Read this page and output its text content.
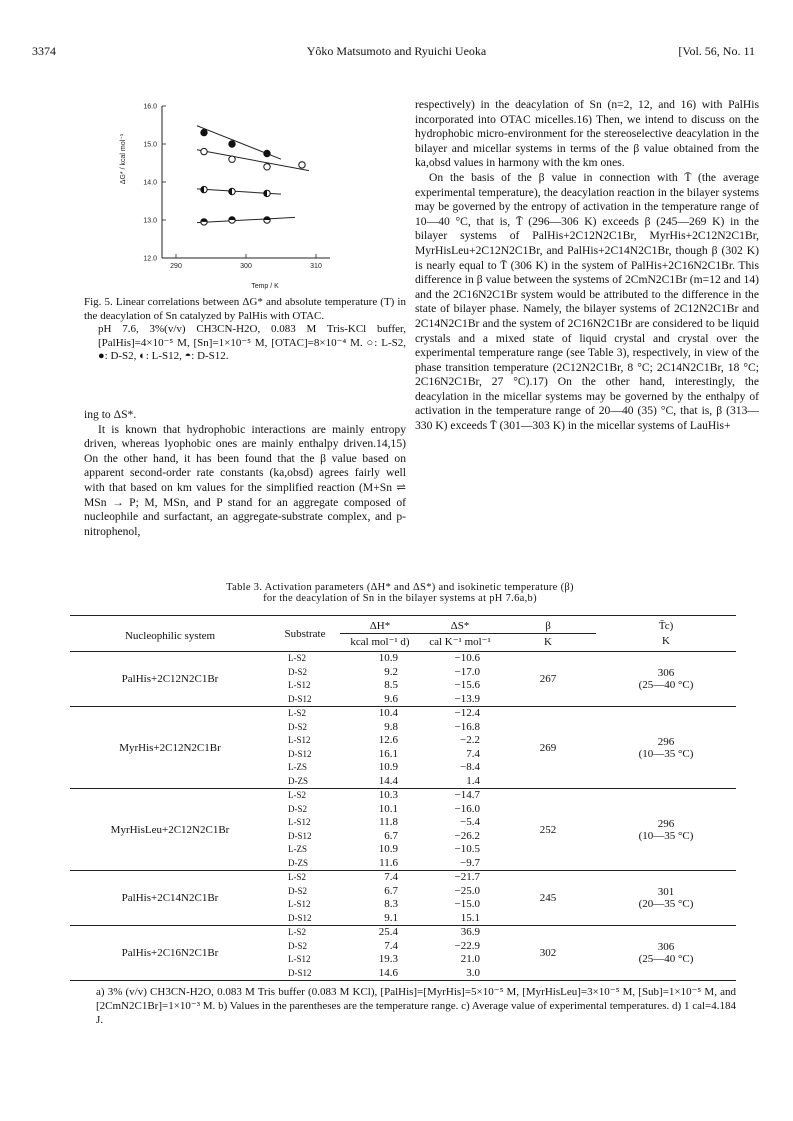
3374	Yôko Matsumoto and Ryuichi Ueoka	[Vol. 56, No. 11
16.0
15.0
14.0
13.0
12.0
290	300	310
ΔG* / kcal mol⁻¹
Temp / K

Fig. 5. Linear correlations between ΔG* and absolute temperature (T) in the deacylation of Sn catalyzed by PalHis with OTAC.

pH 7.6, 3%(v/v) CH3CN-H2O, 0.083 M Tris-KCl buffer, [PalHis]=4×10⁻⁵ M, [Sn]=1×10⁻⁵ M, [OTAC]=8×10⁻⁴ M. ○: L-S2, ●: D-S2, ◐: L-S12, ◓: D-S12.

ing to ΔS*.

It is known that hydrophobic interactions are mainly entropy driven, whereas lyophobic ones are mainly enthalpy driven.14,15) On the other hand, it has been found that the β value based on apparent second-order rate constants (ka,obsd) agrees fairly well with that based on km values for the simplified reaction (M+Sn ⇌ MSn → P; M, MSn, and P stand for an aggregate composed of nucleophile and surfactant, an aggregate-substrate complex, and p-nitrophenol,

respectively) in the deacylation of Sn (n=2, 12, and 16) with PalHis incorporated into OTAC micelles.16) Then, we intend to discuss on the hydrophobic micro-environment for the stereoselective deacylation in the bilayer and micellar systems in terms of the β value obtained from the ka,obsd values in harmony with the km ones.

On the basis of the β value in connection with T̄ (the average experimental temperature), the deacylation reaction in the bilayer systems may be governed by the entropy of activation in the temperature range of 10—40 °C, that is, T̄ (296—306 K) exceeds β (245—269 K) in the bilayer systems of PalHis+2C12N2C1Br, MyrHis+2C12N2C1Br, MyrHisLeu+2C12N2C1Br, and PalHis+2C14N2C1Br, though β (302 K) is nearly equal to T̄ (306 K) in the system of PalHis+2C16N2C1Br. This difference in β value between the systems of 2CmN2C1Br (m=12 and 14) and the 2C16N2C1Br system would be attributed to the difference in the state of bilayer phase. Namely, the bilayer systems of 2C12N2C1Br and 2C14N2C1Br and the system of 2C16N2C1Br are considered to be liquid crystals and a mixed state of liquid crystal and crystal over the experimental temperature range (see Table 3), respectively, in view of the phase transition temperature (2C12N2C1Br, 8 °C; 2C14N2C1Br, 18 °C; 2C16N2C1Br, 27 °C).17) On the other hand, interestingly, the deacylation in the micellar systems may be governed by the enthalpy of activation in the temperature range of 20—40 (35) °C, that is, β (313—330 K) exceeds T̄ (301—303 K) in the micellar systems of LauHis+

Table 3. Activation parameters (ΔH* and ΔS*) and isokinetic temperature (β)
for the deacylation of Sn in the bilayer systems at pH 7.6a,b)
Nucleophilic system	Substrate	ΔH*	ΔS*	β	T̄c)
		kcal mol⁻¹ d)	cal K⁻¹ mol⁻¹	K	K
PalHis+2C12N2C1Br	L-S2	10.9	−10.6	267	306
(25—40 °C)

	D-S2	9.2	−17.0		
	L-S12	8.5	−15.6		
	D-S12	9.6	−13.9		
MyrHis+2C12N2C1Br	L-S2	10.4	−12.4	269	296
(10—35 °C)

	D-S2	9.8	−16.8		
	L-S12	12.6	−2.2		
	D-S12	16.1	7.4		
	L-ZS	10.9	−8.4		
	D-ZS	14.4	1.4		
MyrHisLeu+2C12N2C1Br	L-S2	10.3	−14.7	252	296
(10—35 °C)

	D-S2	10.1	−16.0		
	L-S12	11.8	−5.4		
	D-S12	6.7	−26.2		
	L-ZS	10.9	−10.5		
	D-ZS	11.6	−9.7		
PalHis+2C14N2C1Br	L-S2	7.4	−21.7	245	301
(20—35 °C)

	D-S2	6.7	−25.0		
	L-S12	8.3	−15.0		
	D-S12	9.1	15.1		
PalHis+2C16N2C1Br	L-S2	25.4	36.9	302	306
(25—40 °C)

	D-S2	7.4	−22.9		
	L-S12	19.3	21.0		
	D-S12	14.6	3.0		
a) 3% (v/v) CH3CN-H2O, 0.083 M Tris buffer (0.083 M KCl), [PalHis]=[MyrHis]=5×10⁻⁵ M, [MyrHisLeu]=3×10⁻⁵ M, [Sub]=1×10⁻⁵ M, and [2CmN2C1Br]=1×10⁻³ M. b) Values in the parentheses are the temperature range. c) Average value of experimental temperatures. d) 1 cal=4.184 J.
